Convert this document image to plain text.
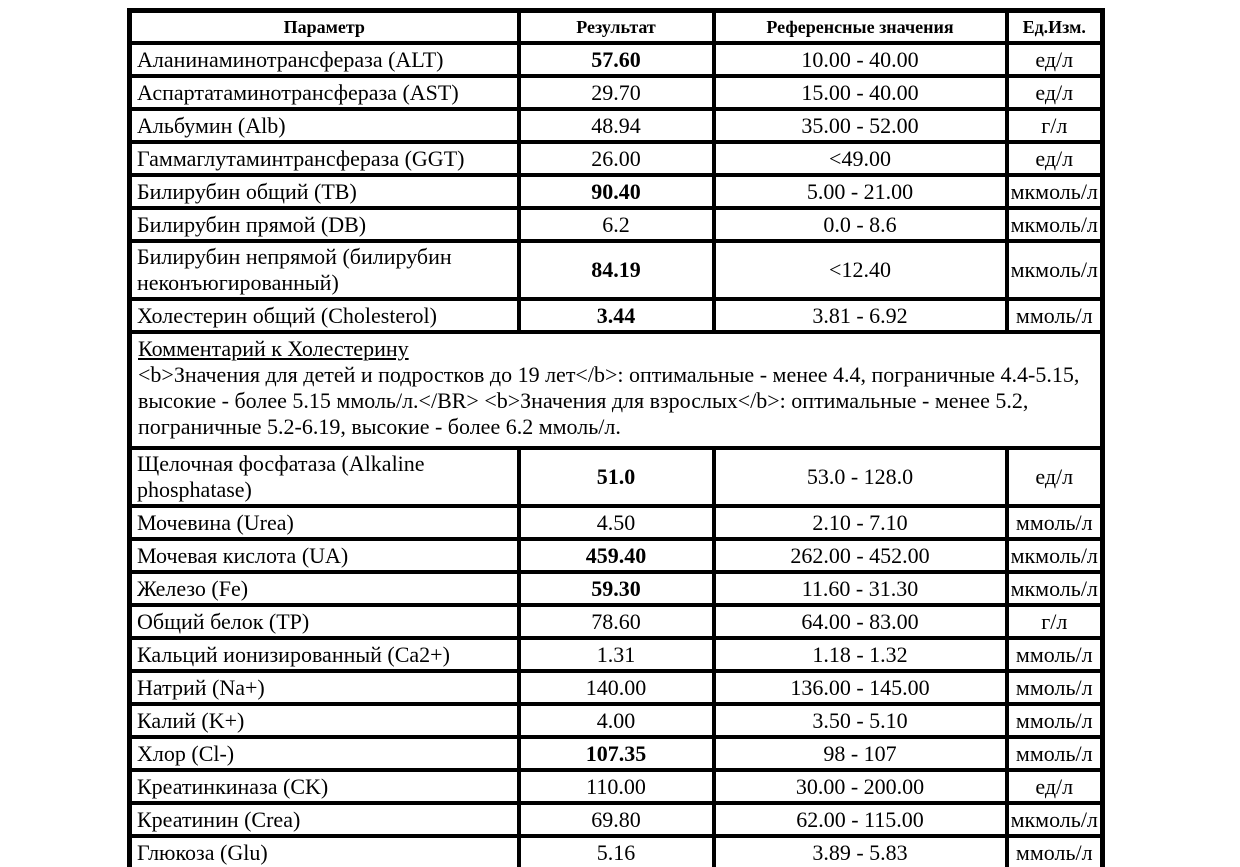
Параметр	Результат	Референсные значения	Ед.Изм.
Аланинаминотрансфераза (ALT)	57.60	10.00 - 40.00	ед/л
Аспартатаминотрансфераза (AST)	29.70	15.00 - 40.00	ед/л
Альбумин (Alb)	48.94	35.00 - 52.00	г/л
Гаммаглутаминтрансфераза (GGT)	26.00	<49.00	ед/л
Билирубин общий (TB)	90.40	5.00 - 21.00	мкмоль/л
Билирубин прямой (DB)	6.2	0.0 - 8.6	мкмоль/л
Билирубин непрямой (билирубин неконъюгированный)	84.19	<12.40	мкмоль/л
Холестерин общий (Cholesterol)	3.44	3.81 - 6.92	ммоль/л

Комментарий к Холестерину
<b>Значения для детей и подростков до 19 лет</b>: оптимальные - менее 4.4, пограничные 4.4-5.15, высокие - более 5.15 ммоль/л.</BR> <b>Значения для взрослых</b>: оптимальные - менее 5.2, пограничные 5.2-6.19, высокие - более 6.2 ммоль/л.			

Щелочная фосфатаза (Alkaline phosphatase)	51.0	53.0 - 128.0	ед/л
Мочевина (Urea)	4.50	2.10 - 7.10	ммоль/л
Мочевая кислота (UA)	459.40	262.00 - 452.00	мкмоль/л
Железо (Fe)	59.30	11.60 - 31.30	мкмоль/л
Общий белок (TP)	78.60	64.00 - 83.00	г/л
Кальций ионизированный (Ca2+)	1.31	1.18 - 1.32	ммоль/л
Натрий (Na+)	140.00	136.00 - 145.00	ммоль/л
Калий (K+)	4.00	3.50 - 5.10	ммоль/л
Хлор (Cl-)	107.35	98 - 107	ммоль/л
Креатинкиназа (CK)	110.00	30.00 - 200.00	ед/л
Креатинин (Crea)	69.80	62.00 - 115.00	мкмоль/л
Глюкоза (Glu)	5.16	3.89 - 5.83	ммоль/л
